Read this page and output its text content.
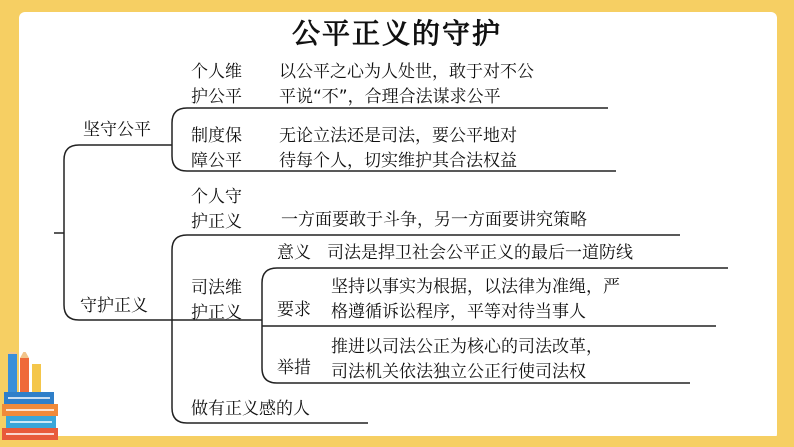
公平正义的守护
坚守公平
个人维
护公平
以公平之心为人处世，敢于对不公
平说“不”，合理合法谋求公平
制度保
障公平
无论立法还是司法，要公平地对
待每个人，切实维护其合法权益
守护正义
个人守
护正义 一方面要敢于斗争，另一方面要讲究策略
司法维
护正义
意义 司法是捍卫社会公平正义的最后一道防线
要求
坚持以事实为根据，以法律为准绳，严
格遵循诉讼程序，平等对待当事人
举措
推进以司法公正为核心的司法改革，
司法机关依法独立公正行使司法权
做有正义感的人
